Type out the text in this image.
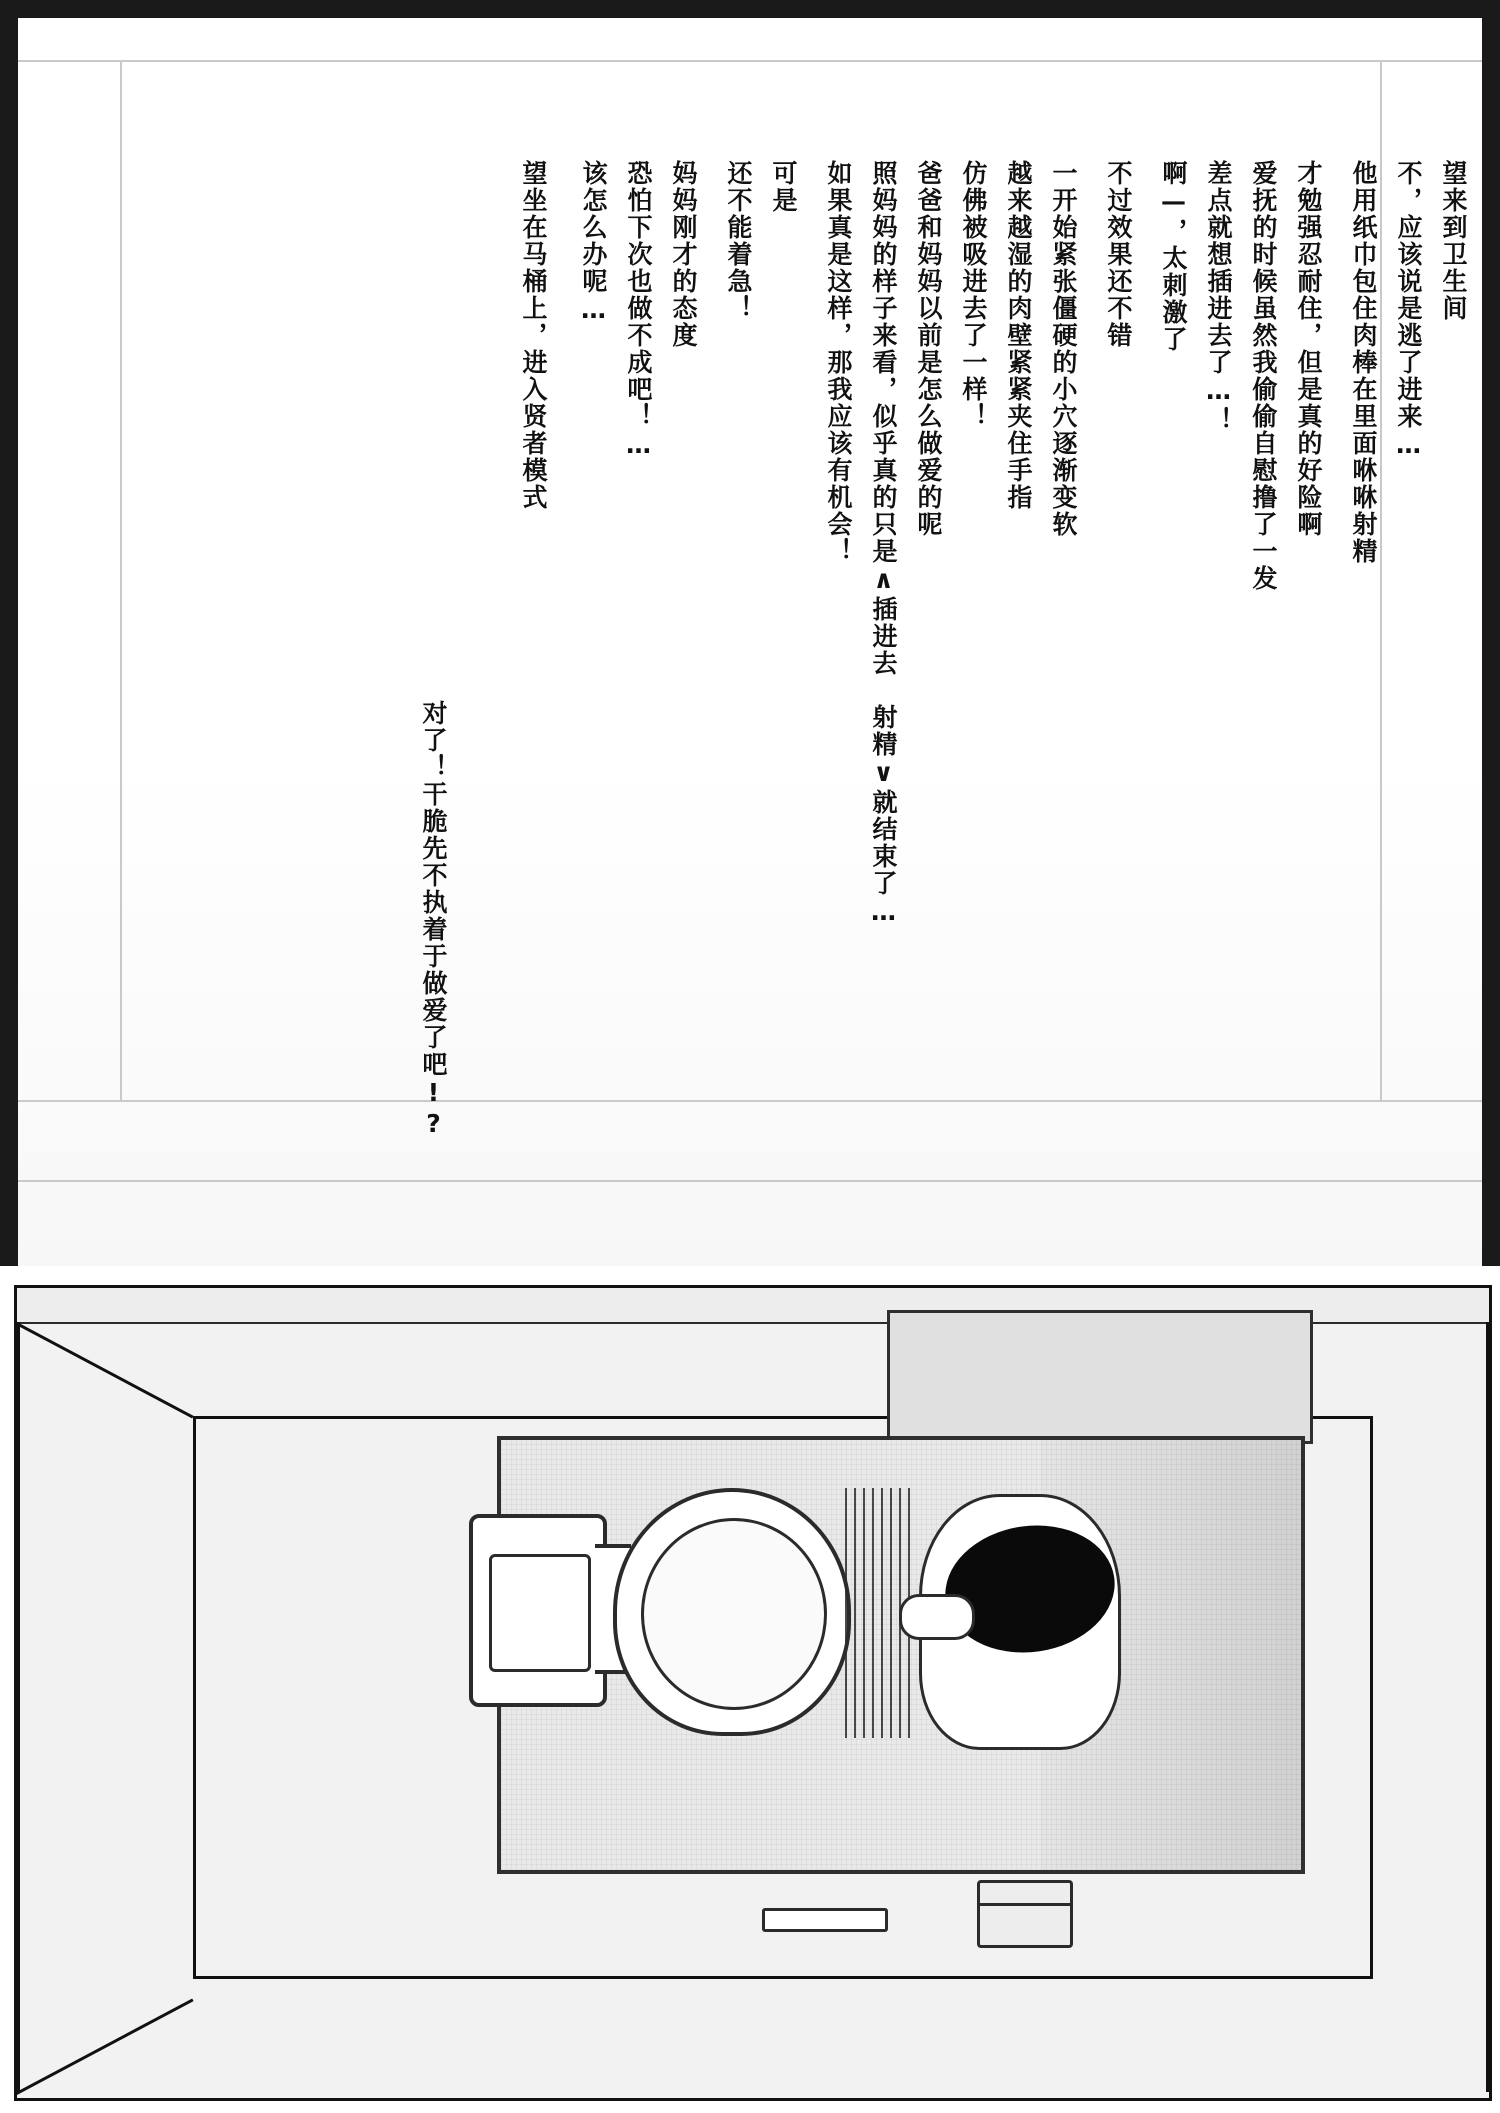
望来到卫生间
不，应该说是逃了进来…
他用纸巾包住肉棒在里面咻咻射精
才勉强忍耐住，但是真的好险啊
爱抚的时候虽然我偷偷自慰撸了一发
差点就想插进去了…！
啊—，太刺激了
不过效果还不错
一开始紧张僵硬的小穴逐渐变软
越来越湿的肉壁紧紧夹住手指
仿佛被吸进去了一样！
爸爸和妈妈以前是怎么做爱的呢
照妈妈的样子来看，似乎真的只是∧插进去　射精∨就结束了…
如果真是这样，那我应该有机会！
可是
还不能着急！
妈妈刚才的态度
恐怕下次也做不成吧！…
该怎么办呢…
望坐在马桶上，进入贤者模式
对了！干脆先不执着于做爱了吧!?
